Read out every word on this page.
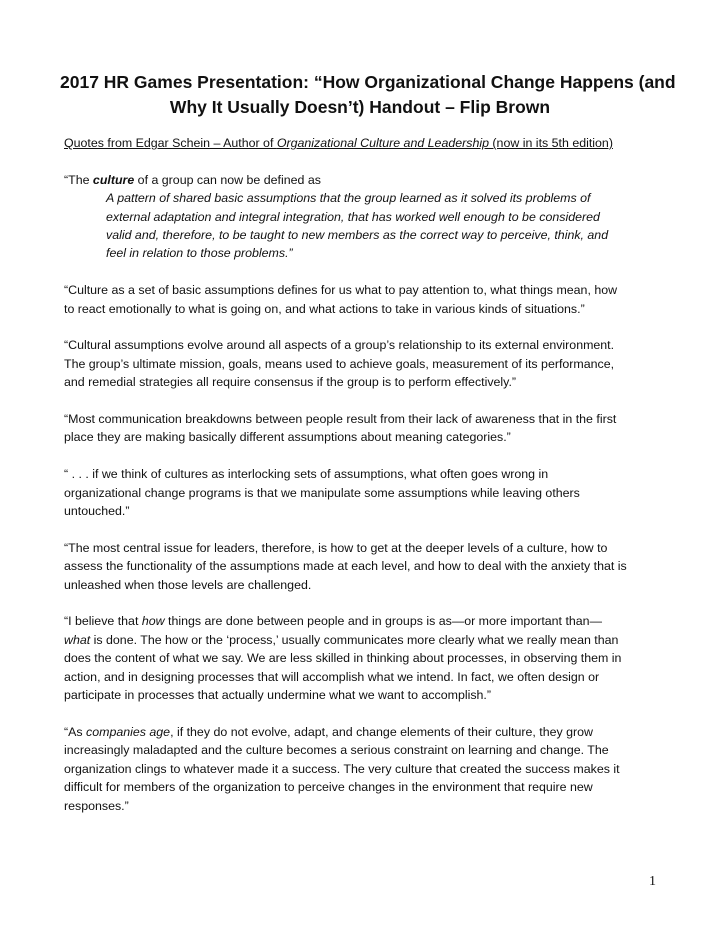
2017 HR Games Presentation: “How Organizational Change Happens (and
Why It Usually Doesn’t) Handout – Flip Brown
Quotes from Edgar Schein – Author of Organizational Culture and Leadership (now in its 5th edition)
“The culture of a group can now be defined as
A pattern of shared basic assumptions that the group learned as it solved its problems of
external adaptation and integral integration, that has worked well enough to be considered
valid and, therefore, to be taught to new members as the correct way to perceive, think, and
feel in relation to those problems.”
“Culture as a set of basic assumptions defines for us what to pay attention to, what things mean, how
to react emotionally to what is going on, and what actions to take in various kinds of situations.”
“Cultural assumptions evolve around all aspects of a group’s relationship to its external environment.
The group’s ultimate mission, goals, means used to achieve goals, measurement of its performance,
and remedial strategies all require consensus if the group is to perform effectively.”
“Most communication breakdowns between people result from their lack of awareness that in the first
place they are making basically different assumptions about meaning categories.”
“ . . . if we think of cultures as interlocking sets of assumptions, what often goes wrong in
organizational change programs is that we manipulate some assumptions while leaving others
untouched.”
“The most central issue for leaders, therefore, is how to get at the deeper levels of a culture, how to
assess the functionality of the assumptions made at each level, and how to deal with the anxiety that is
unleashed when those levels are challenged.
“I believe that how things are done between people and in groups is as—or more important than—
what is done. The how or the ‘process,’ usually communicates more clearly what we really mean than
does the content of what we say. We are less skilled in thinking about processes, in observing them in
action, and in designing processes that will accomplish what we intend. In fact, we often design or
participate in processes that actually undermine what we want to accomplish.”
“As companies age, if they do not evolve, adapt, and change elements of their culture, they grow
increasingly maladapted and the culture becomes a serious constraint on learning and change. The
organization clings to whatever made it a success. The very culture that created the success makes it
difficult for members of the organization to perceive changes in the environment that require new
responses.”
1
